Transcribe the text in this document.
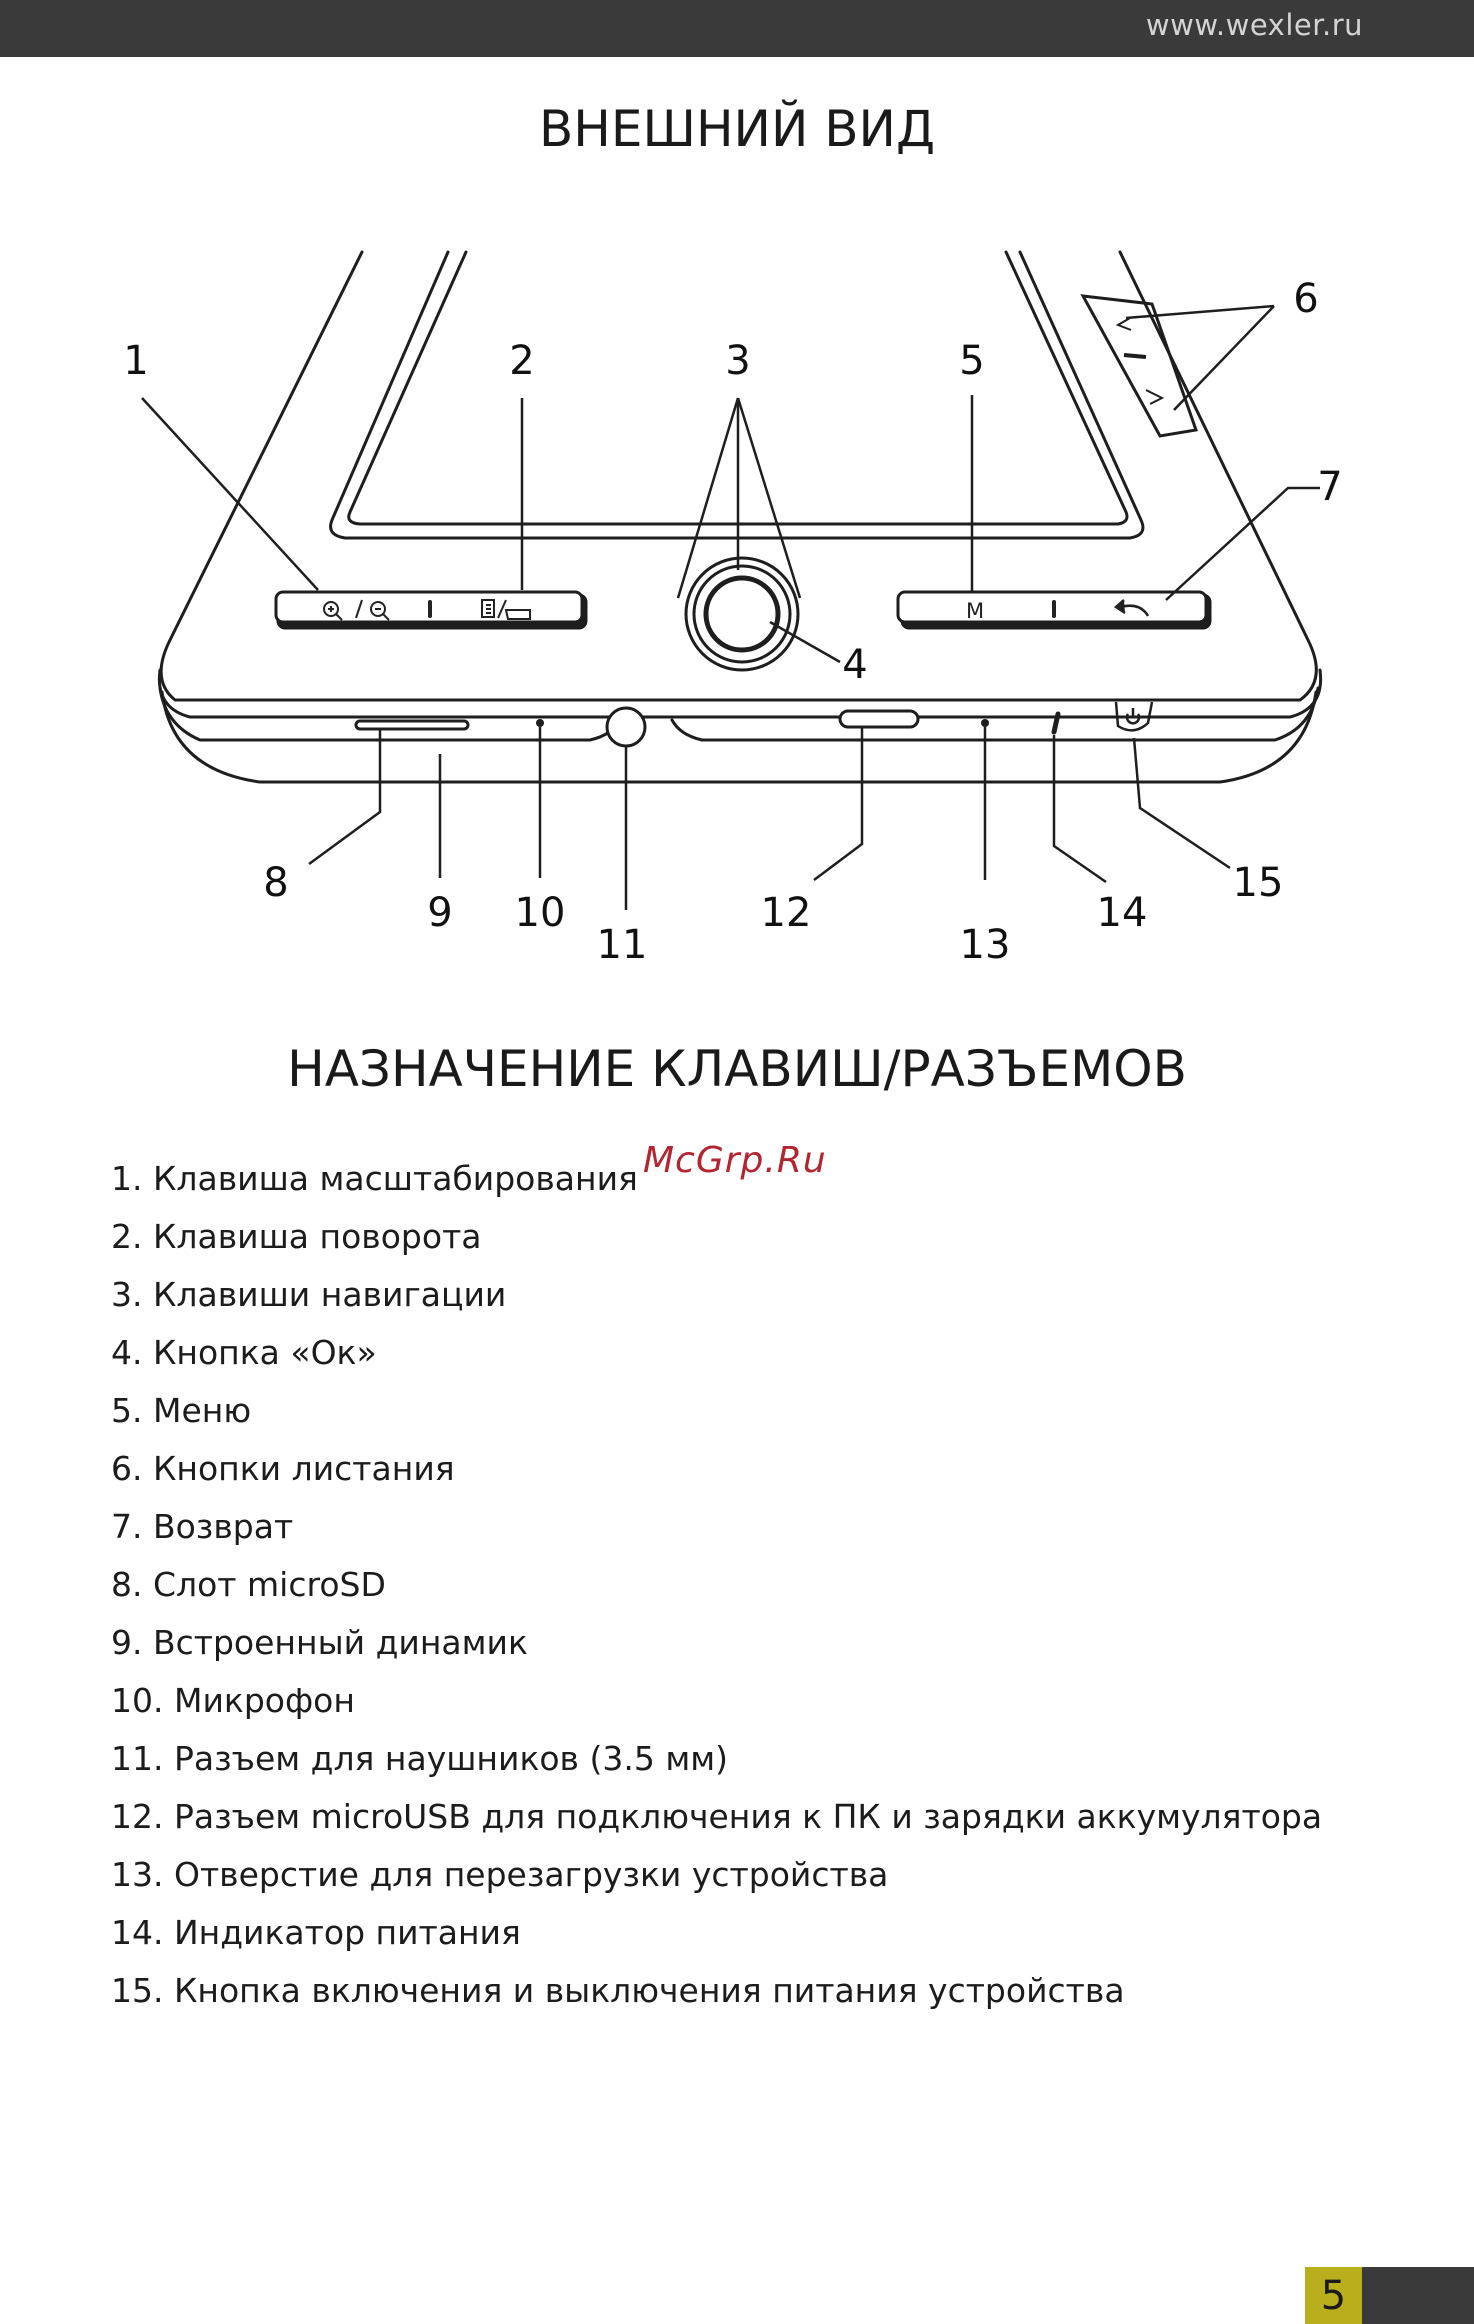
www.wexler.ru
ВНЕШНИЙ ВИД
M
1	2	3
4
5
6
7
8
9 10
11
12
13
14
15
НАЗНАЧЕНИЕ КЛАВИШ/РАЗЪЕМОВ
McGrp.Ru
1. Клавиша масштабирования
2. Клавиша поворота
3. Клавиши навигации
4. Кнопка «Ок»
5. Меню
6. Кнопки листания
7. Возврат
8. Слот microSD
9. Встроенный динамик
10. Микрофон
11. Разъем для наушников (3.5 мм)
12. Разъем microUSB для подключения к ПК и зарядки аккумулятора
13. Отверстие для перезагрузки устройства
14. Индикатор питания
15. Кнопка включения и выключения питания устройства
5
